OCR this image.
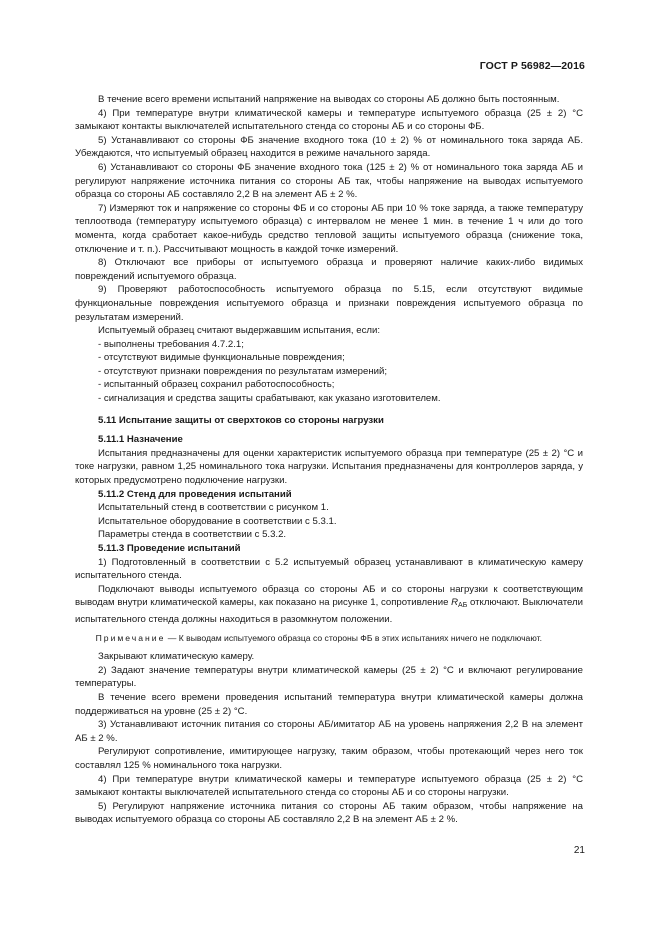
ГОСТ Р 56982—2016

В течение всего времени испытаний напряжение на выводах со стороны АБ должно быть постоянным.

4) При температуре внутри климатической камеры и температуре испытуемого образца (25 ± 2) °С замыкают контакты выключателей испытательного стенда со стороны АБ и со стороны ФБ.

5) Устанавливают со стороны ФБ значение входного тока (10 ± 2) % от номинального тока заряда АБ. Убеждаются, что испытуемый образец находится в режиме начального заряда.

6) Устанавливают со стороны ФБ значение входного тока (125 ± 2) % от номинального тока заряда АБ и регулируют напряжение источника питания со стороны АБ так, чтобы напряжение на выводах испытуемого образца со стороны АБ составляло 2,2 В на элемент АБ ± 2 %.

7) Измеряют ток и напряжение со стороны ФБ и со стороны АБ при 10 % токе заряда, а также температуру теплоотвода (температуру испытуемого образца) с интервалом не менее 1 мин. в течение 1 ч или до того момента, когда сработает какое-нибудь средство тепловой защиты испытуемого образца (снижение тока, отключение и т. п.). Рассчитывают мощность в каждой точке измерений.

8) Отключают все приборы от испытуемого образца и проверяют наличие каких-либо видимых повреждений испытуемого образца.

9) Проверяют работоспособность испытуемого образца по 5.15, если отсутствуют видимые функциональные повреждения испытуемого образца и признаки повреждения испытуемого образца по результатам измерений.

Испытуемый образец считают выдержавшим испытания, если:

- выполнены требования 4.7.2.1;

- отсутствуют видимые функциональные повреждения;

- отсутствуют признаки повреждения по результатам измерений;

- испытанный образец сохранил работоспособность;

- сигнализация и средства защиты срабатывают, как указано изготовителем.

5.11 Испытание защиты от сверхтоков со стороны нагрузки

5.11.1 Назначение

Испытания предназначены для оценки характеристик испытуемого образца при температуре (25 ± 2) °С и токе нагрузки, равном 1,25 номинального тока нагрузки. Испытания предназначены для контроллеров заряда, у которых предусмотрено подключение нагрузки.

5.11.2 Стенд для проведения испытаний

Испытательный стенд в соответствии с рисунком 1.

Испытательное оборудование в соответствии с 5.3.1.

Параметры стенда в соответствии с 5.3.2.

5.11.3 Проведение испытаний

1) Подготовленный в соответствии с 5.2 испытуемый образец устанавливают в климатическую камеру испытательного стенда.

Подключают выводы испытуемого образца со стороны АБ и со стороны нагрузки к соответствующим выводам внутри климатической камеры, как показано на рисунке 1, сопротивление $R_{АБ}$ отключают. Выключатели испытательного стенда должны находиться в разомкнутом положении.

Примечание — К выводам испытуемого образца со стороны ФБ в этих испытаниях ничего не подключают.

Закрывают климатическую камеру.

2) Задают значение температуры внутри климатической камеры (25 ± 2) °С и включают регулирование температуры.

В течение всего времени проведения испытаний температура внутри климатической камеры должна поддерживаться на уровне (25 ± 2) °С.

3) Устанавливают источник питания со стороны АБ/имитатор АБ на уровень напряжения 2,2 В на элемент АБ ± 2 %.

Регулируют сопротивление, имитирующее нагрузку, таким образом, чтобы протекающий через него ток составлял 125 % номинального тока нагрузки.

4) При температуре внутри климатической камеры и температуре испытуемого образца (25 ± 2) °С замыкают контакты выключателей испытательного стенда со стороны АБ и со стороны нагрузки.

5) Регулируют напряжение источника питания со стороны АБ таким образом, чтобы напряжение на выводах испытуемого образца со стороны АБ составляло 2,2 В на элемент АБ ± 2 %.

21
